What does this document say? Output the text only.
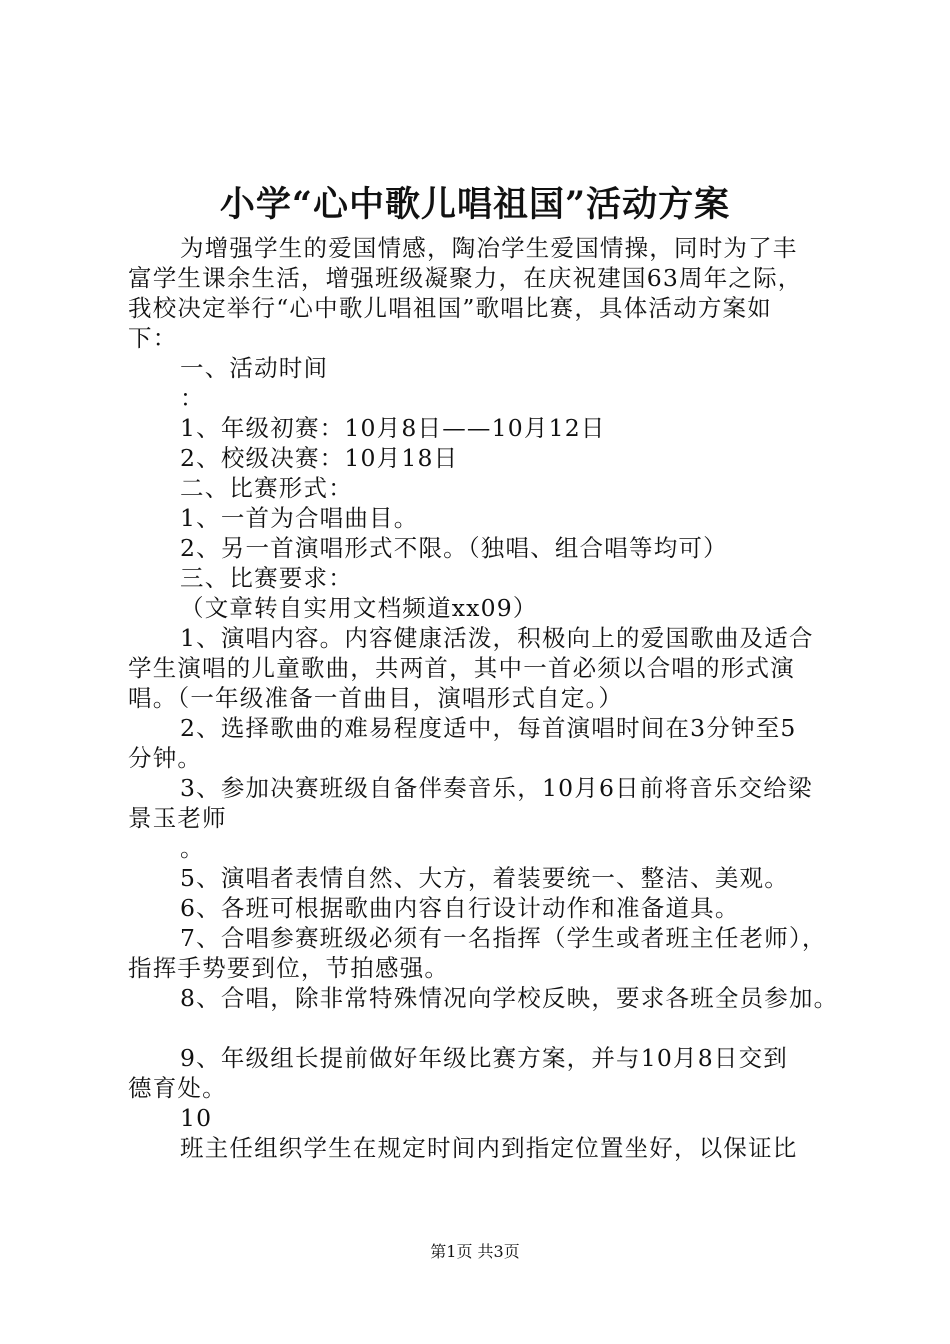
小学“心中歌儿唱祖国”活动方案

为增强学生的爱国情感，陶冶学生爱国情操，同时为了丰

富学生课余生活，增强班级凝聚力，在庆祝建国63周年之际，

我校决定举行“心中歌儿唱祖国”歌唱比赛，具体活动方案如

下：

一、活动时间

：

1、年级初赛：10月8日——10月12日

2、校级决赛：10月18日

二、比赛形式：

1、一首为合唱曲目。

2、另一首演唱形式不限。（独唱、组合唱等均可）

三、比赛要求：

（文章转自实用文档频道xx09）

1、演唱内容。内容健康活泼，积极向上的爱国歌曲及适合

学生演唱的儿童歌曲，共两首，其中一首必须以合唱的形式演

唱。（一年级准备一首曲目，演唱形式自定。）

2、选择歌曲的难易程度适中，每首演唱时间在3分钟至5

分钟。

3、参加决赛班级自备伴奏音乐，10月6日前将音乐交给梁

景玉老师

。

5、演唱者表情自然、大方，着装要统一、整洁、美观。

6、各班可根据歌曲内容自行设计动作和准备道具。

7、合唱参赛班级必须有一名指挥（学生或者班主任老师），

指挥手势要到位，节拍感强。

8、合唱，除非常特殊情况向学校反映，要求各班全员参加。

9、年级组长提前做好年级比赛方案，并与10月8日交到

德育处。

10

班主任组织学生在规定时间内到指定位置坐好，以保证比

第1页 共3页
